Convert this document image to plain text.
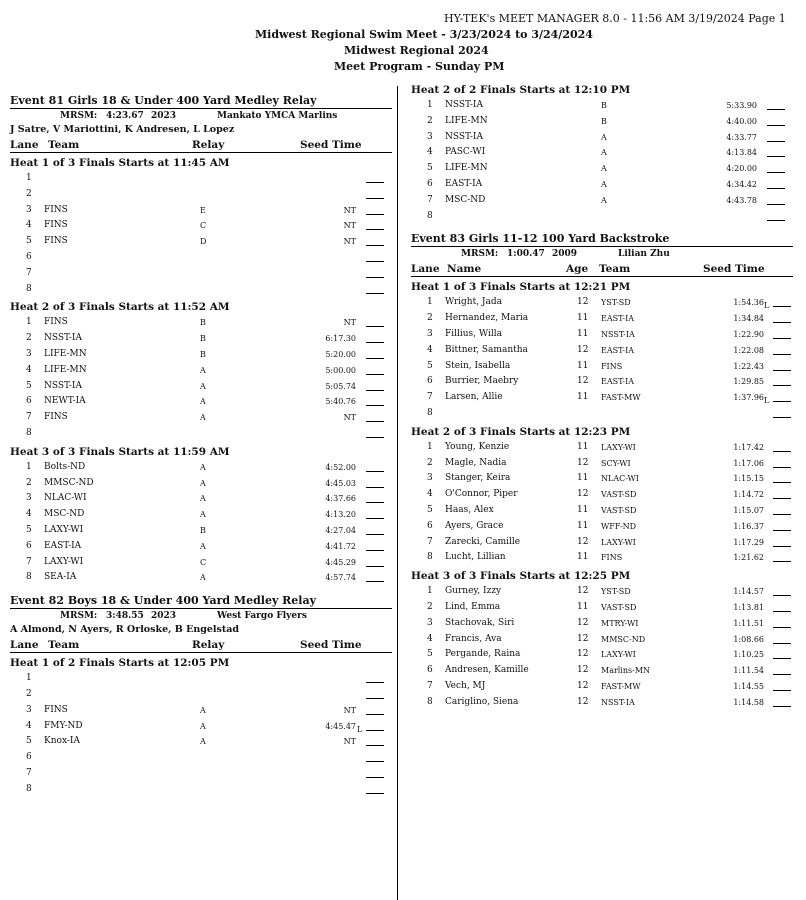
HY-TEK's MEET MANAGER 8.0 - 11:56 AM 3/19/2024 Page 1
Midwest Regional Swim Meet - 3/23/2024 to 3/24/2024
Midwest Regional 2024
Meet Program - Sunday PM
Event 81 Girls 18 & Under 400 Yard Medley Relay
MRSM: 4:23.67 2023	Mankato YMCA Marlins
J Satre, V Mariottini, K Andresen, L Lopez
Lane Team	Relay	Seed Time
Heat 1 of 3 Finals Starts at 11:45 AM
1
2
3 FINS	E	NT
4 FINS	C	NT
5 FINS	D	NT
6
7
8
Heat 2 of 3 Finals Starts at 11:52 AM
1 FINS	B	NT
2 NSST-IA	B	6:17.30
3 LIFE-MN	B	5:20.00
4 LIFE-MN	A	5:00.00
5 NSST-IA	A	5:05.74
6 NEWT-IA	A	5:40.76
7 FINS	A	NT
8
Heat 3 of 3 Finals Starts at 11:59 AM
1 Bolts-ND	A	4:52.00
2 MMSC-ND	A	4:45.03
3 NLAC-WI	A	4:37.66
4 MSC-ND	A	4:13.20
5 LAXY-WI	B	4:27.04
6 EAST-IA	A	4:41.72
7 LAXY-WI	C	4:45.29
8 SEA-IA	A	4:57.74
Event 82 Boys 18 & Under 400 Yard Medley Relay
MRSM: 3:48.55 2023	West Fargo Flyers
A Almond, N Ayers, R Orloske, B Engelstad
Lane Team	Relay	Seed Time
Heat 1 of 2 Finals Starts at 12:05 PM
1
2
3 FINS	A	NT
4 FMY-ND	A	4:45.47 L
5 Knox-IA	A	NT
6
7
8
Heat 2 of 2 Finals Starts at 12:10 PM
1 NSST-IA	B	5:33.90
2 LIFE-MN	B	4:40.00
3 NSST-IA	A	4:33.77
4 PASC-WI	A	4:13.84
5 LIFE-MN	A	4:20.00
6 EAST-IA	A	4:34.42
7 MSC-ND	A	4:43.78
8
Event 83 Girls 11-12 100 Yard Backstroke
MRSM: 1:00.47 2009	Lilian Zhu
Lane Name	Age Team	Seed Time
Heat 1 of 3 Finals Starts at 12:21 PM
1 Wright, Jada	12 YST-SD	1:54.36 L
2 Hernandez, Maria	11 EAST-IA	1:34.84
3 Fillius, Willa	11 NSST-IA	1:22.90
4 Bittner, Samantha	12 EAST-IA	1:22.08
5 Stein, Isabella	11 FINS	1:22.43
6 Burrier, Maebry	12 EAST-IA	1:29.85
7 Larsen, Allie	11 FAST-MW	1:37.96 L
8
Heat 2 of 3 Finals Starts at 12:23 PM
1 Young, Kenzie	11 LAXY-WI	1:17.42
2 Magle, Nadia	12 SCY-WI	1:17.06
3 Stanger, Keira	11 NLAC-WI	1:15.15
4 O'Connor, Piper	12 VAST-SD	1:14.72
5 Haas, Alex	11 VAST-SD	1:15.07
6 Ayers, Grace	11 WFF-ND	1:16.37
7 Zarecki, Camille	12 LAXY-WI	1:17.29
8 Lucht, Lillian	11 FINS	1:21.62
Heat 3 of 3 Finals Starts at 12:25 PM
1 Gurney, Izzy	12 YST-SD	1:14.57
2 Lind, Emma	11 VAST-SD	1:13.81
3 Stachovak, Siri	12 MTRY-WI	1:11.51
4 Francis, Ava	12 MMSC-ND	1:08.66
5 Pergande, Raina	12 LAXY-WI	1:10.25
6 Andresen, Kamille	12 Marlins-MN	1:11.54
7 Vech, MJ	12 FAST-MW	1:14.55
8 Cariglino, Siena	12 NSST-IA	1:14.58
